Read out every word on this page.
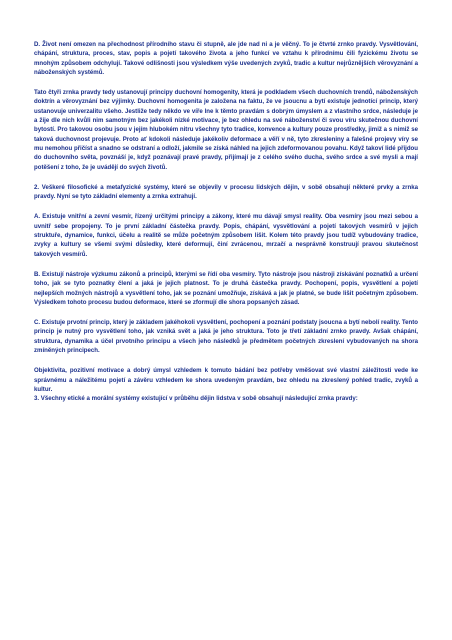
D. Život není omezen na přechodnost přírodního stavu či stupně, ale jde nad ni a je věčný. To je čtvrté zrnko pravdy. Vysvětlování, chápání, struktura, proces, stav, popis a pojetí takového života a jeho funkcí ve vztahu k přírodnímu čili fyzickému životu se mnohým způsobem odchylují. Takové odlišnosti jsou výsledkem výše uvedených zvyků, tradic a kultur nejrůznějších věrovyznání a náboženských systémů.

Tato čtyři zrnka pravdy tedy ustanovují principy duchovní homogenity, která je podkladem všech duchovních trendů, náboženských doktrín a věrovyznání bez výjimky. Duchovní homogenita je založena na faktu, že ve jsoucnu a bytí existuje jednotící princip, který ustanovuje univerzalitu všeho. Jestliže tedy někdo ve víře lne k těmto pravdám s dobrým úmyslem a z vlastního srdce, následuje je a žije dle nich kvůli nim samotným bez jakékoli nízké motivace, je bez ohledu na své náboženství či svou víru skutečnou duchovní bytostí. Pro takovou osobu jsou v jejím hlubokém nitru všechny tyto tradice, konvence a kultury pouze prostředky, jimiž a s nimiž se taková duchovnost projevuje. Proto ať kdokoli následuje jakékoliv deformace a věří v ně, tyto zkresleniny a falešné projevy víry se mu nemohou přičíst a snadno se odstraní a odloží, jakmile se získá náhled na jejich zdeformovanou povahu. Když takoví lidé přijdou do duchovního světa, povznáší je, když poznávají pravé pravdy, přijímají je z celého svého ducha, svého srdce a své mysli a mají potěšení z toho, že je uvádějí do svých životů.

2. Veškeré filosofické a metafyzické systémy, které se objevily v procesu lidských dějin, v sobě obsahují některé prvky a zrnka pravdy. Nyní se tyto základní elementy a zrnka extrahují.

A. Existuje vnitřní a zevní vesmír, řízený určitými principy a zákony, které mu dávají smysl reality. Oba vesmíry jsou mezi sebou a uvnitř sebe propojeny. To je první základní částečka pravdy. Popis, chápání, vysvětlování a pojetí takových vesmírů v jejich struktuře, dynamice, funkci, účelu a realitě se může početným způsobem lišit. Kolem této pravdy jsou tudíž vybudovány tradice, zvyky a kultury se všemi svými důsledky, které deformují, činí zvrácenou, mrzačí a nesprávně konstruují pravou skutečnost takových vesmírů.

B. Existují nástroje výzkumu zákonů a principů, kterými se řídí oba vesmíry. Tyto nástroje jsou nástroji získávání poznatků a určení toho, jak se tyto poznatky člení a jaká je jejich platnost. To je druhá částečka pravdy. Pochopení, popis, vysvětlení a pojetí nejlepších možných nástrojů a vysvětlení toho, jak se poznání umožňuje, získává a jak je platné, se bude lišit početným způsobem. Výsledkem tohoto procesu budou deformace, které se zformují dle shora popsaných zásad.

C. Existuje prvotní princip, který je základem jakéhokoli vysvětlení, pochopení a poznání podstaty jsoucna a bytí nebolí reality. Tento princip je nutný pro vysvětlení toho, jak vzniká svět a jaká je jeho struktura. Toto je třetí základní zrnko pravdy. Avšak chápání, struktura, dynamika a účel prvotního principu a všech jeho následků je předmětem početných zkreslení vybudovaných na shora zmíněných principech.

Objektivita, pozitivní motivace a dobrý úmysl vzhledem k tomuto bádání bez potřeby vměšovat své vlastní záležitosti vede ke správnému a náležitému pojetí a závěru vzhledem ke shora uvedeným pravdám, bez ohledu na zkreslený pohled tradic, zvyků a kultur.

3. Všechny etické a morální systémy existující v průběhu dějin lidstva v sobě obsahují následující zrnka pravdy:
